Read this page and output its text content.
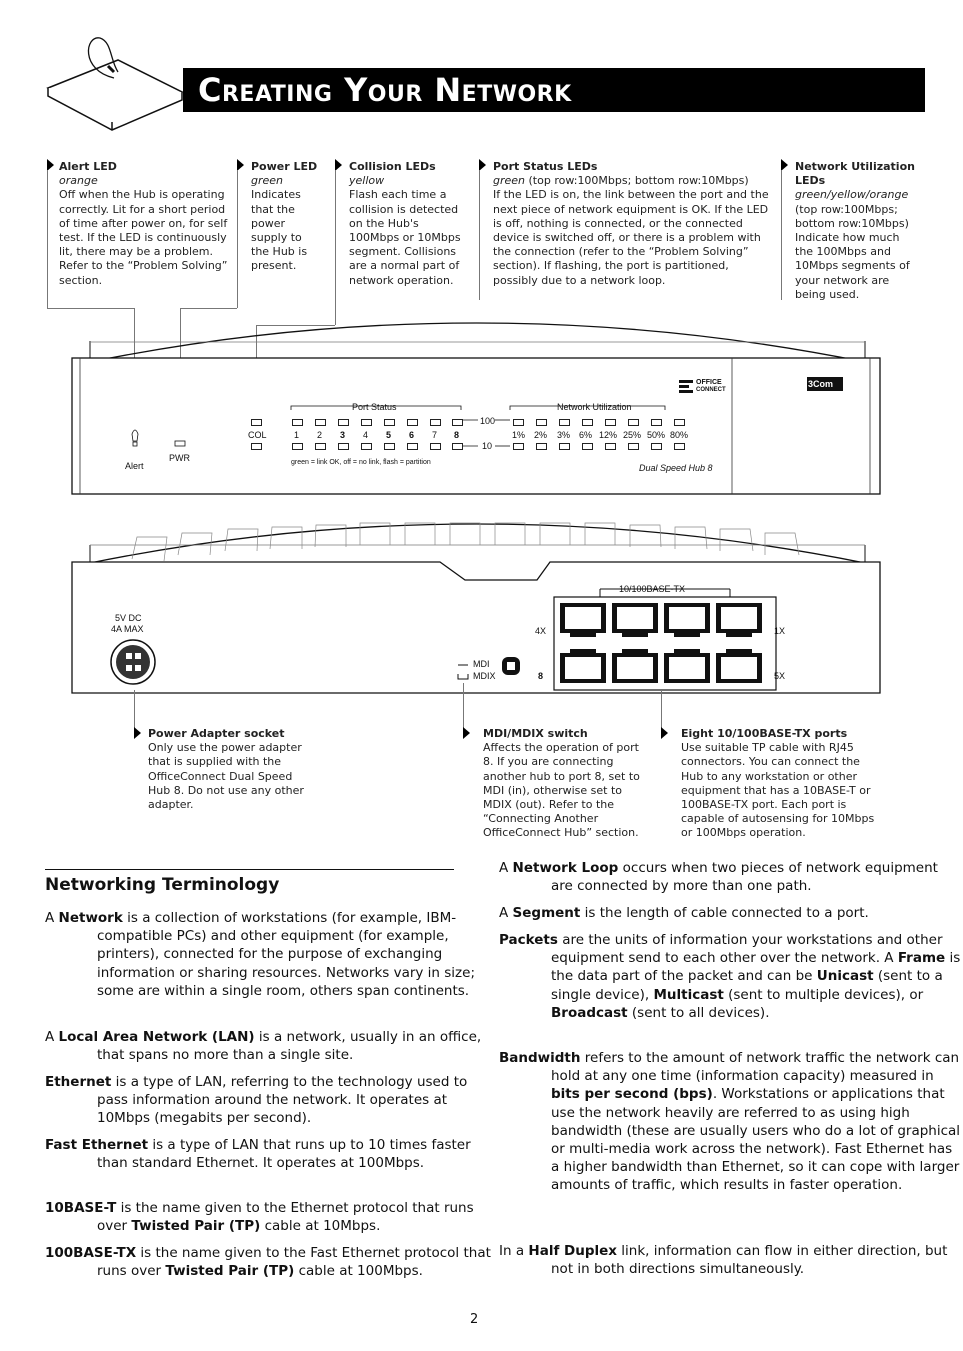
Creating Your Network
Alert LED
orange
Off when the Hub is operating correctly. Lit for a short period of time after power on, for self test. If the LED is continuously lit, there may be a problem. Refer to the “Problem Solving” section.
Power LED
green
Indicates that the power supply to the Hub is present.
Collision LEDs
yellow
Flash each time a collision is detected on the Hub's 100Mbps or 10Mbps segment. Collisions are a normal part of network operation.
Port Status LEDs
green (top row:100Mbps; bottom row:10Mbps)
If the LED is on, the link between the port and the next piece of network equipment is OK. If the LED is off, nothing is connected, or the connected device is switched off, or there is a problem with the connection (refer to the “Problem Solving” section). If flashing, the port is partitioned, possibly due to a network loop.
Network Utilization LEDs
green/yellow/orange
(top row:100Mbps; bottom row:10Mbps) Indicate how much the 100Mbps and 10Mbps segments of your network are being used.
Alert
PWR
COL
Port Status	Network Utilization
100
10
1 2 3 4 5 6 7 8	1% 2% 3% 6% 12% 25% 50% 80%
green = link OK, off = no link, flash = partition
Dual Speed Hub 8
OFFICE
CONNECT
3Com
5V DC
4A MAX
MDI
MDIX	8
10/100BASE-TX
4X	1X
5X
Power Adapter socket
Only use the power adapter that is supplied with the OfficeConnect Dual Speed Hub 8. Do not use any other adapter.
MDI/MDIX switch
Affects the operation of port 8. If you are connecting another hub to port 8, set to MDI (in), otherwise set to MDIX (out). Refer to the “Connecting Another OfficeConnect Hub” section.
Eight 10/100BASE-TX ports
Use suitable TP cable with RJ45 connectors. You can connect the Hub to any workstation or other equipment that has a 10BASE-T or 100BASE-TX port. Each port is capable of autosensing for 10Mbps or 100Mbps operation.
Networking Terminology
A Network is a collection of workstations (for example, IBM-compatible PCs) and other equipment (for example, printers), connected for the purpose of exchanging information or sharing resources. Networks vary in size; some are within a single room, others span continents.
A Local Area Network (LAN) is a network, usually in an office, that spans no more than a single site.
Ethernet is a type of LAN, referring to the technology used to pass information around the network. It operates at 10Mbps (megabits per second).
Fast Ethernet is a type of LAN that runs up to 10 times faster than standard Ethernet. It operates at 100Mbps.
10BASE-T is the name given to the Ethernet protocol that runs over Twisted Pair (TP) cable at 10Mbps.
100BASE-TX is the name given to the Fast Ethernet protocol that runs over Twisted Pair (TP) cable at 100Mbps.
A Network Loop occurs when two pieces of network equipment are connected by more than one path.
A Segment is the length of cable connected to a port.
Packets are the units of information your workstations and other equipment send to each other over the network. A Frame is the data part of the packet and can be Unicast (sent to a single device), Multicast (sent to multiple devices), or Broadcast (sent to all devices).
Bandwidth refers to the amount of network traffic the network can hold at any one time (information capacity) measured in bits per second (bps). Workstations or applications that use the network heavily are referred to as using high bandwidth (these are usually users who do a lot of graphical or multi-media work across the network). Fast Ethernet has a higher bandwidth than Ethernet, so it can cope with larger amounts of traffic, which results in faster operation.
In a Half Duplex link, information can flow in either direction, but not in both directions simultaneously.
2
